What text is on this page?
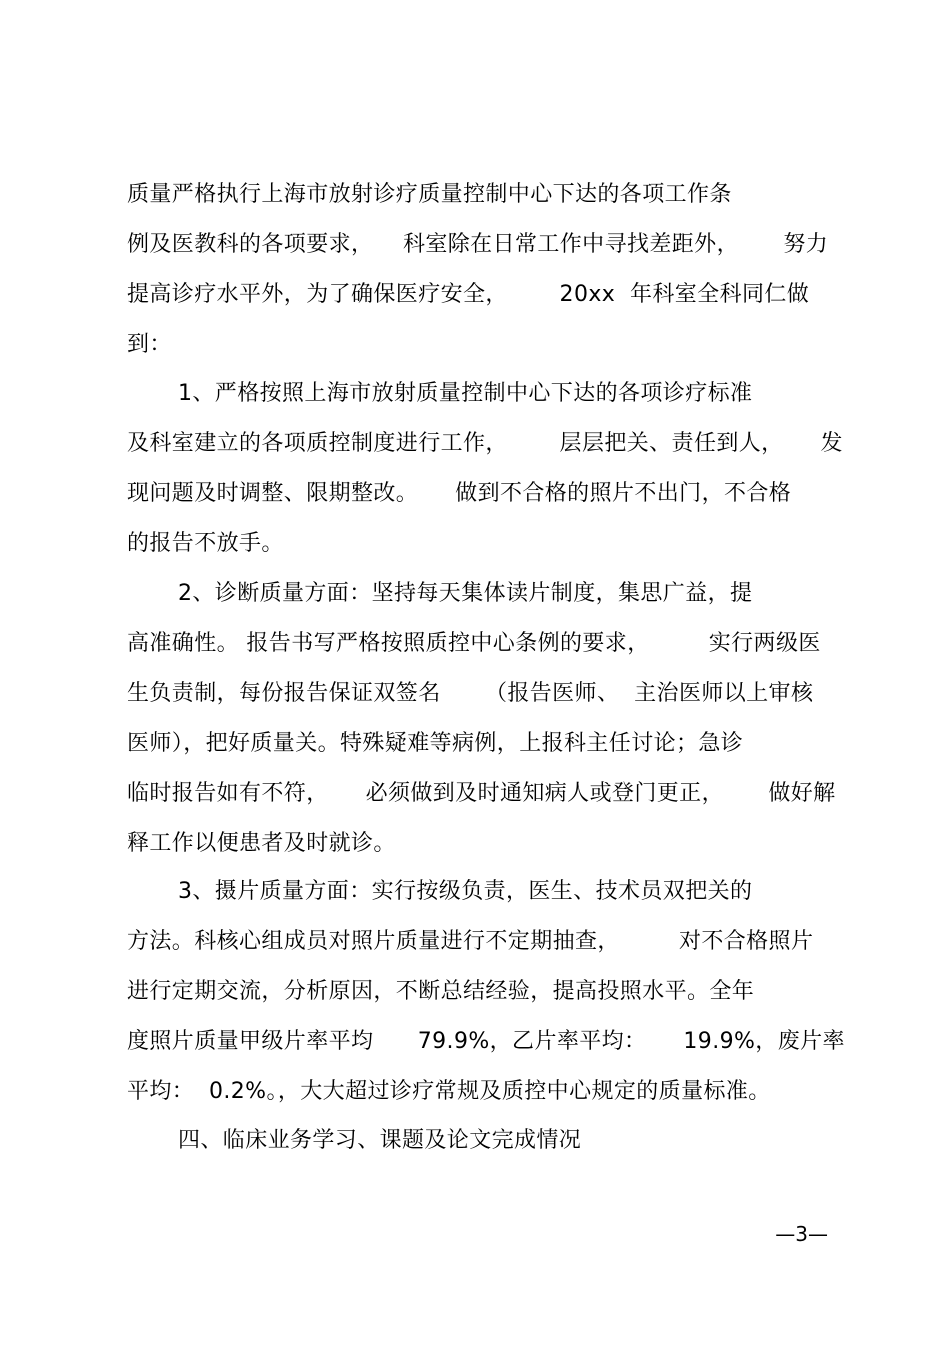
质量严格执行上海市放射诊疗质量控制中心下达的各项工作条
例及医教科的各项要求，    科室除在日常工作中寻找差距外，      努力
提高诊疗水平外，为了确保医疗安全，       20xx  年科室全科同仁做
到：
1、严格按照上海市放射质量控制中心下达的各项诊疗标准
及科室建立的各项质控制度进行工作，       层层把关、责任到人，     发
现问题及时调整、限期整改。     做到不合格的照片不出门，不合格
的报告不放手。
2、诊断质量方面：坚持每天集体读片制度，集思广益，提
高准确性。 报告书写严格按照质控中心条例的要求，        实行两级医
生负责制，每份报告保证双签名      （报告医师、  主治医师以上审核
医师），把好质量关。特殊疑难等病例，上报科主任讨论；急诊
临时报告如有不符，     必须做到及时通知病人或登门更正，      做好解
释工作以便患者及时就诊。
3、摄片质量方面：实行按级负责，医生、技术员双把关的
方法。科核心组成员对照片质量进行不定期抽查，        对不合格照片
进行定期交流，分析原因，不断总结经验，提高投照水平。全年
度照片质量甲级片率平均      79.9%，乙片率平均：     19.9%，废片率
平均：  0.2%。，大大超过诊疗常规及质控中心规定的质量标准。
四、临床业务学习、课题及论文完成情况
—3—
